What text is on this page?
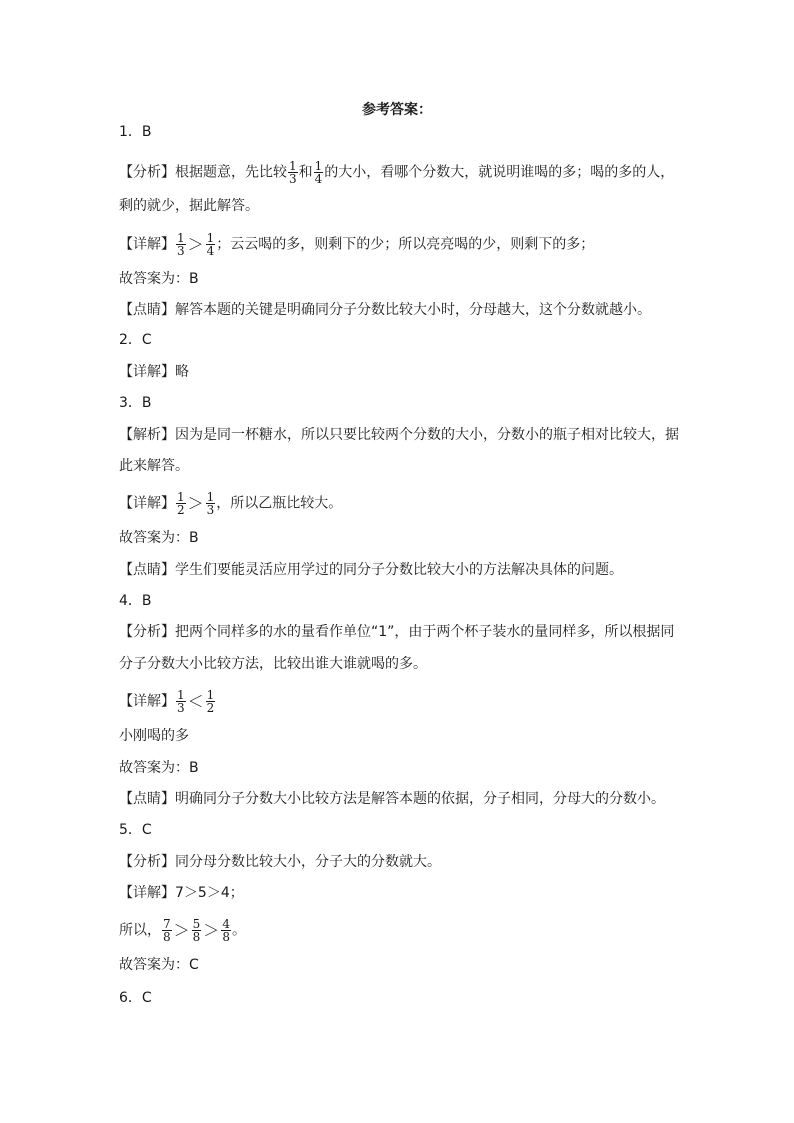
参考答案：
1．B
【分析】根据题意，先比较 $\frac{1}{3}$ 和 $\frac{1}{4}$ 的大小，看哪个分数大，就说明谁喝的多；喝的多的人，
剩的就少，据此解答。
【详解】 $\frac{1}{3} > \frac{1}{4}$ ；云云喝的多，则剩下的少；所以亮亮喝的少，则剩下的多；
故答案为：B
【点睛】解答本题的关键是明确同分子分数比较大小时，分母越大，这个分数就越小。
2．C
【详解】略
3．B
【解析】因为是同一杯糖水，所以只要比较两个分数的大小，分数小的瓶子相对比较大，据
此来解答。
【详解】 $\frac{1}{2} > \frac{1}{3}$ ，所以乙瓶比较大。
故答案为：B
【点睛】学生们要能灵活应用学过的同分子分数比较大小的方法解决具体的问题。
4．B
【分析】把两个同样多的水的量看作单位“1”，由于两个杯子装水的量同样多，所以根据同
分子分数大小比较方法，比较出谁大谁就喝的多。
【详解】 $\frac{1}{3} < \frac{1}{2}$
小刚喝的多
故答案为：B
【点睛】明确同分子分数大小比较方法是解答本题的依据，分子相同，分母大的分数小。
5．C
【分析】同分母分数比较大小，分子大的分数就大。
【详解】7＞5＞4；
所以， $\frac{7}{8} > \frac{5}{8} > \frac{4}{8}$ 。
故答案为：C
6．C
